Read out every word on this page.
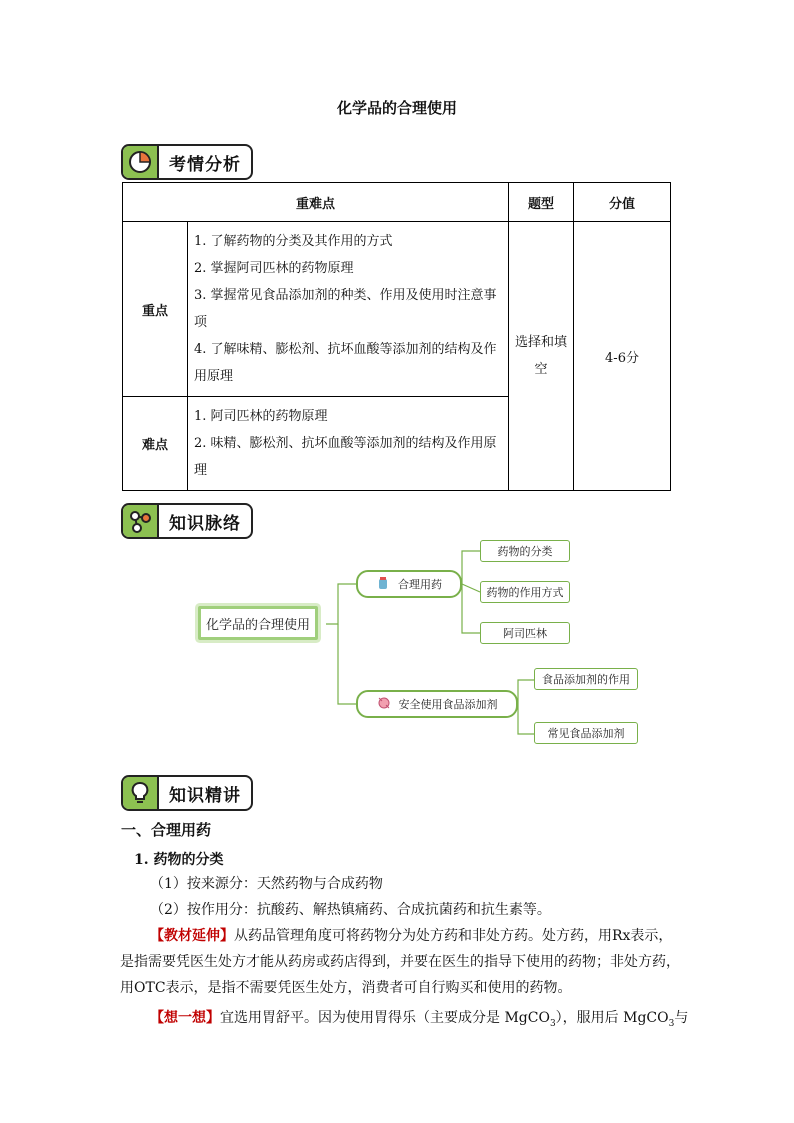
化学品的合理使用
考情分析
重难点		题型	分值
重点	1. 了解药物的分类及其作用的方式
2. 掌握阿司匹林的药物原理
3. 掌握常见食品添加剂的种类、作用及使用时注意事项
4. 了解味精、膨松剂、抗坏血酸等添加剂的结构及作用原理	选择和填空	4-6分
难点	1. 阿司匹林的药物原理
2. 味精、膨松剂、抗坏血酸等添加剂的结构及作用原理		
知识脉络
化学品的合理使用
合理用药
药物的分类
药物的作用方式
阿司匹林
安全使用食品添加剂
食品添加剂的作用
常见食品添加剂
知识精讲
一、合理用药
1. 药物的分类
（1）按来源分：天然药物与合成药物
（2）按作用分：抗酸药、解热镇痛药、合成抗菌药和抗生素等。
【教材延伸】从药品管理角度可将药物分为处方药和非处方药。处方药，用Rx表示，
是指需要凭医生处方才能从药房或药店得到，并要在医生的指导下使用的药物；非处方药，
用OTC表示，是指不需要凭医生处方，消费者可自行购买和使用的药物。
【想一想】宜选用胃舒平。因为使用胃得乐（主要成分是 MgCO$_3$），服用后 MgCO$_3$与
